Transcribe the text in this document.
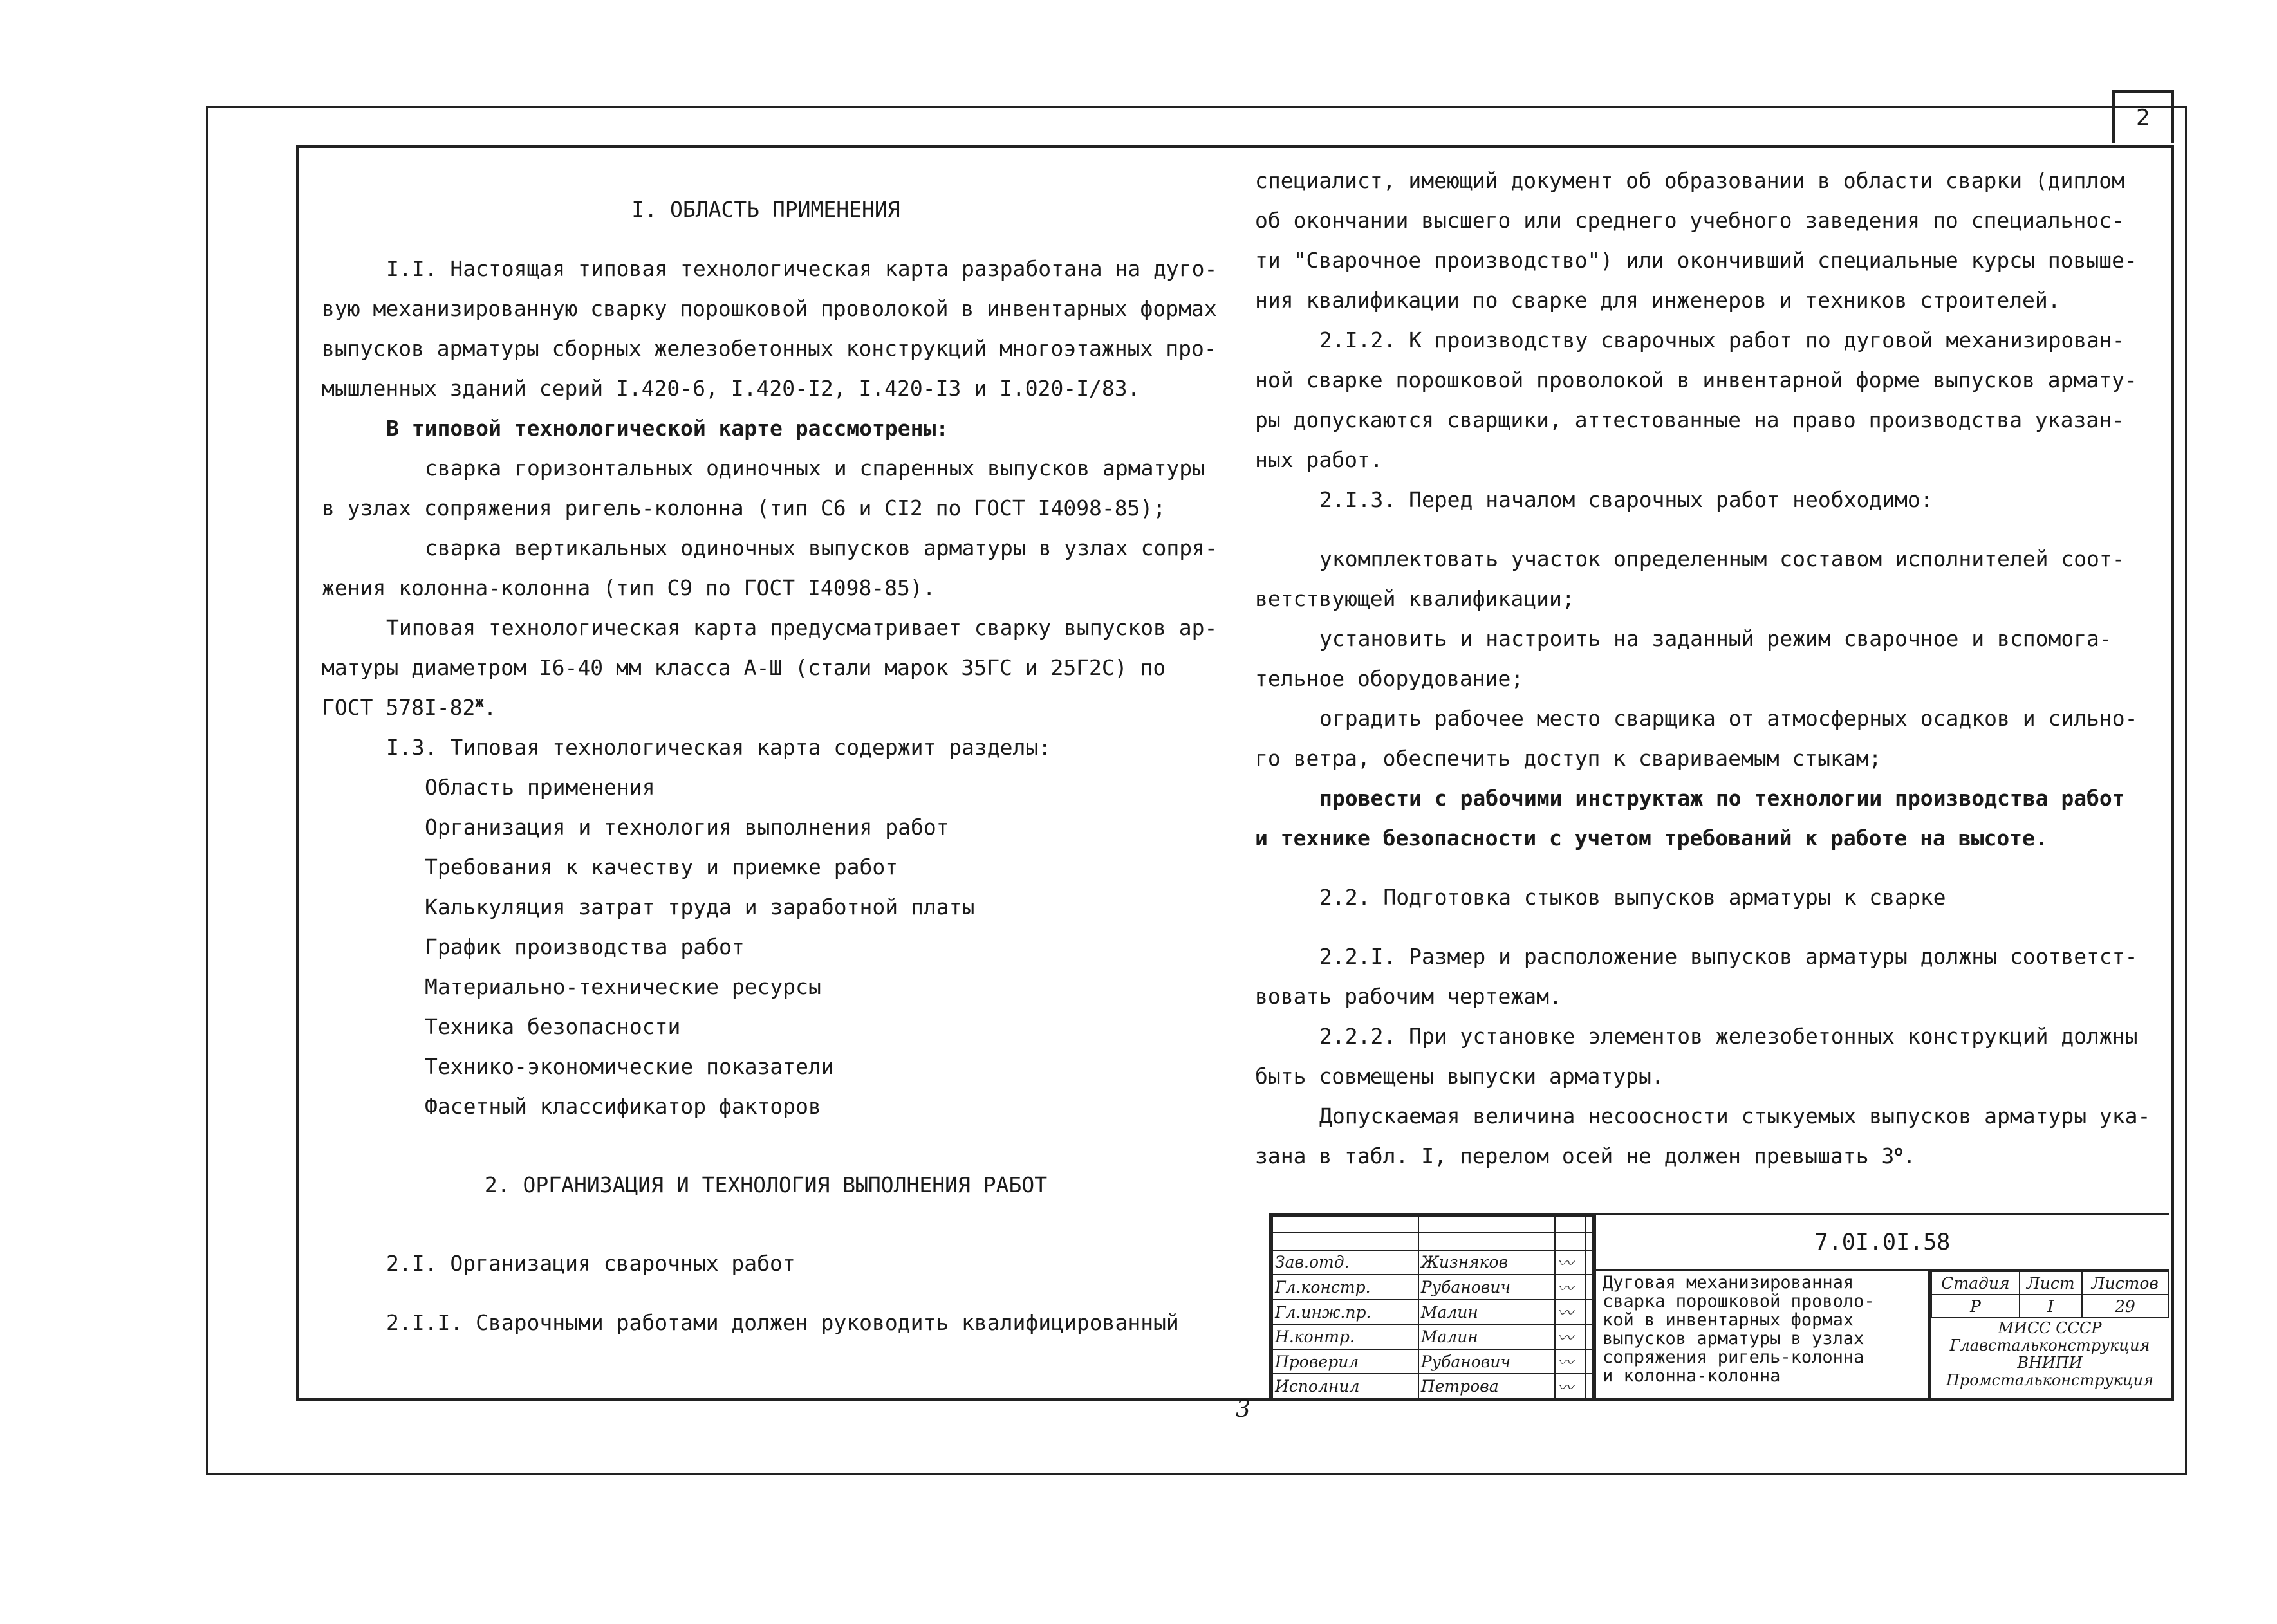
2

I. ОБЛАСТЬ ПРИМЕНЕНИЯ

I.I. Настоящая типовая технологическая карта разработана на дуго-

вую механизированную сварку порошковой проволокой в инвентарных формах

выпусков арматуры сборных железобетонных конструкций многоэтажных про-

мышленных зданий серий I.420-6, I.420-I2, I.420-I3 и I.020-I/83.

В типовой технологической карте рассмотрены:

сварка горизонтальных одиночных и спаренных выпусков арматуры

в узлах сопряжения ригель-колонна (тип С6 и СI2 по ГОСТ I4098-85);

сварка вертикальных одиночных выпусков арматуры в узлах сопря-

жения колонна-колонна (тип С9 по ГОСТ I4098-85).

Типовая технологическая карта предусматривает сварку выпусков ар-

матуры диаметром I6-40 мм класса А-Ш (стали марок 35ГС и 25Г2С) по

ГОСТ $578I-82^ж$.

I.3. Типовая технологическая карта содержит разделы:

Область применения

Организация и технология выполнения работ

Требования к качеству и приемке работ

Калькуляция затрат труда и заработной платы

График производства работ

Материально-технические ресурсы

Техника безопасности

Технико-экономические показатели

Фасетный классификатор факторов

2. ОРГАНИЗАЦИЯ И ТЕХНОЛОГИЯ ВЫПОЛНЕНИЯ РАБОТ

2.I. Организация сварочных работ

2.I.I. Сварочными работами должен руководить квалифицированный

специалист, имеющий документ об образовании в области сварки (диплом

об окончании высшего или среднего учебного заведения по специальнос-

ти "Сварочное производство") или окончивший специальные курсы повыше-

ния квалификации по сварке для инженеров и техников строителей.

2.I.2. К производству сварочных работ по дуговой механизирован-

ной сварке порошковой проволокой в инвентарной форме выпусков армату-

ры допускаются сварщики, аттестованные на право производства указан-

ных работ.

2.I.3. Перед началом сварочных работ необходимо:

укомплектовать участок определенным составом исполнителей соот-

ветствующей квалификации;

установить и настроить на заданный режим сварочное и вспомога-

тельное оборудование;

оградить рабочее место сварщика от атмосферных осадков и сильно-

го ветра, обеспечить доступ к свариваемым стыкам;

провести с рабочими инструктаж по технологии производства работ

и технике безопасности с учетом требований к работе на высоте.

2.2. Подготовка стыков выпусков арматуры к сварке

2.2.I. Размер и расположение выпусков арматуры должны соответст-

вовать рабочим чертежам.

2.2.2. При установке элементов железобетонных конструкций должны

быть совмещены выпуски арматуры.

Допускаемая величина несоосности стыкуемых выпусков арматуры ука-

зана в табл. I, перелом осей не должен превышать $3^о$.

Зав.отд.	Жизняков	〰	
Гл.констр.	Рубанович	〰	
Гл.инж.пр.	Малин	〰	
Н.контр.	Малин	〰	
Проверил	Рубанович	〰	
Исполнил	Петрова	〰	
7.0I.0I.58

Дуговая механизированная

сварка порошковой проволо-

кой в инвентарных формах

выпусков арматуры в узлах

сопряжения ригель-колонна

и колонна-колонна

Стадия	Лист	Листов
Р	I	29

МИСС СССР

Главстальконструкция

ВНИПИ

Промстальконструкция

3
